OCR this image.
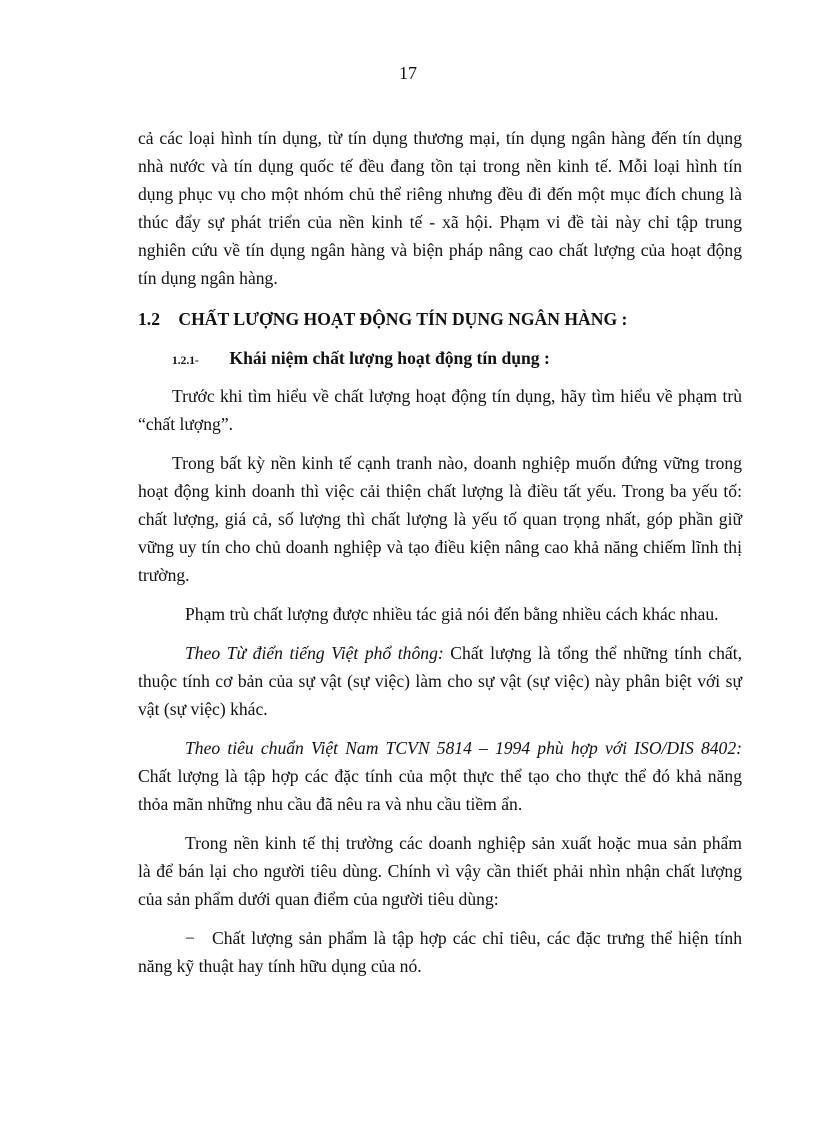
17
cả các loại hình tín dụng, từ tín dụng thương mại, tín dụng ngân hàng đến tín dụng
nhà nước và tín dụng quốc tế đều đang tồn tại trong nền kinh tế. Mỗi loại hình tín
dụng phục vụ cho một nhóm chủ thể riêng nhưng đều đi đến một mục đích chung là
thúc đẩy sự phát triển của nền kinh tế - xã hội. Phạm vi đề tài này chỉ tập trung
nghiên cứu về tín dụng ngân hàng và biện pháp nâng cao chất lượng của hoạt động
tín dụng ngân hàng.
1.2 CHẤT LƯỢNG HOẠT ĐỘNG TÍN DỤNG NGÂN HÀNG :
1.2.1- Khái niệm chất lượng hoạt động tín dụng :
Trước khi tìm hiểu về chất lượng hoạt động tín dụng, hãy tìm hiểu về phạm trù
“chất lượng”.
Trong bất kỳ nền kinh tế cạnh tranh nào, doanh nghiệp muốn đứng vững trong
hoạt động kinh doanh thì việc cải thiện chất lượng là điều tất yếu. Trong ba yếu tố:
chất lượng, giá cả, số lượng thì chất lượng là yếu tố quan trọng nhất, góp phần giữ
vững uy tín cho chủ doanh nghiệp và tạo điều kiện nâng cao khả năng chiếm lĩnh thị
trường.
Phạm trù chất lượng được nhiều tác giả nói đến bằng nhiều cách khác nhau.
Theo Từ điển tiếng Việt phổ thông: Chất lượng là tổng thể những tính chất,
thuộc tính cơ bản của sự vật (sự việc) làm cho sự vật (sự việc) này phân biệt với sự
vật (sự việc) khác.
Theo tiêu chuẩn Việt Nam TCVN 5814 – 1994 phù hợp với ISO/DIS 8402:
Chất lượng là tập hợp các đặc tính của một thực thể tạo cho thực thể đó khả năng
thỏa mãn những nhu cầu đã nêu ra và nhu cầu tiềm ẩn.
Trong nền kinh tế thị trường các doanh nghiệp sản xuất hoặc mua sản phẩm
là để bán lại cho người tiêu dùng. Chính vì vậy cần thiết phải nhìn nhận chất lượng
của sản phẩm dưới quan điểm của người tiêu dùng:
− Chất lượng sản phẩm là tập hợp các chỉ tiêu, các đặc trưng thể hiện tính
năng kỹ thuật hay tính hữu dụng của nó.
